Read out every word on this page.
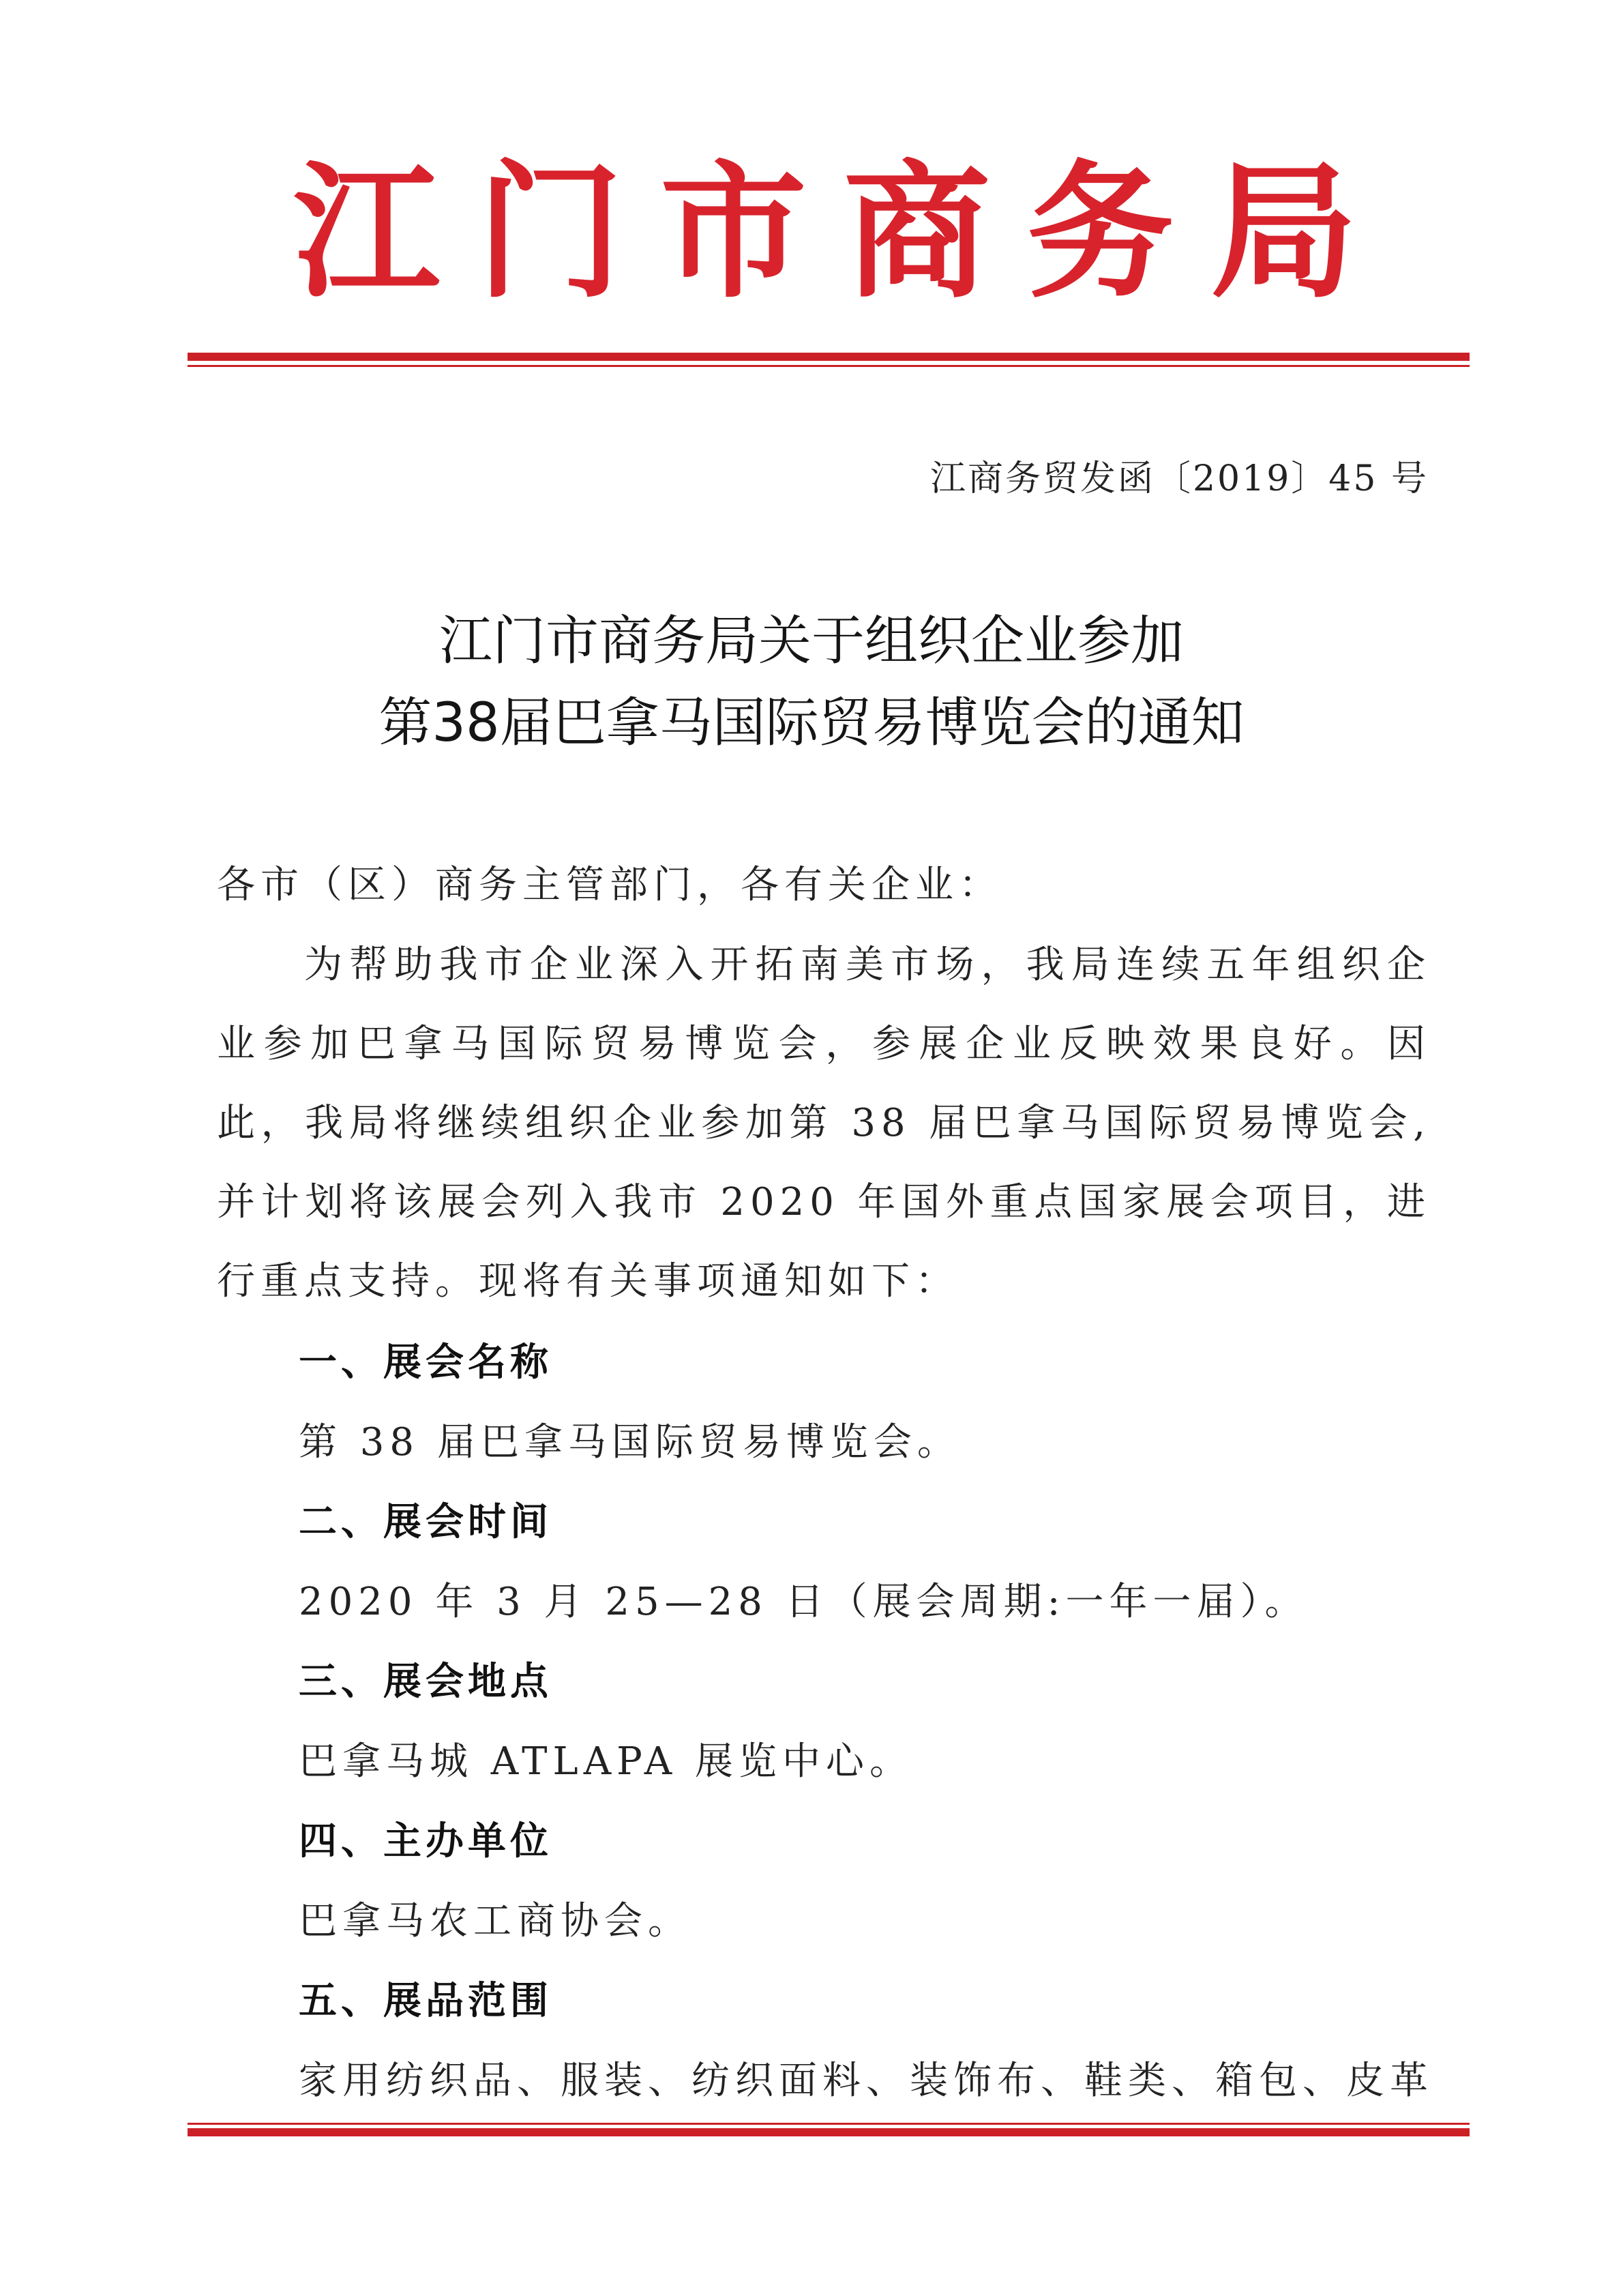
江 门 市 商 务 局
江商务贸发函〔2019〕45 号
江门市商务局关于组织企业参加
第38届巴拿马国际贸易博览会的通知
各市（区）商务主管部门，各有关企业：
为帮助我市企业深入开拓南美市场，我局连续五年组织企业参加巴拿马国际贸易博览会，参展企业反映效果良好。因此，我局将继续组织企业参加第 38 届巴拿马国际贸易博览会,并计划将该展会列入我市 2020 年国外重点国家展会项目，进行重点支持。现将有关事项通知如下：
一、展会名称
第 38 届巴拿马国际贸易博览会。
二、展会时间
2020 年 3 月 25—28 日（展会周期:一年一届）。
三、展会地点
巴拿马城 ATLAPA 展览中心。
四、主办单位
巴拿马农工商协会。
五、展品范围
家用纺织品、服装、纺织面料、装饰布、鞋类、箱包、皮革
